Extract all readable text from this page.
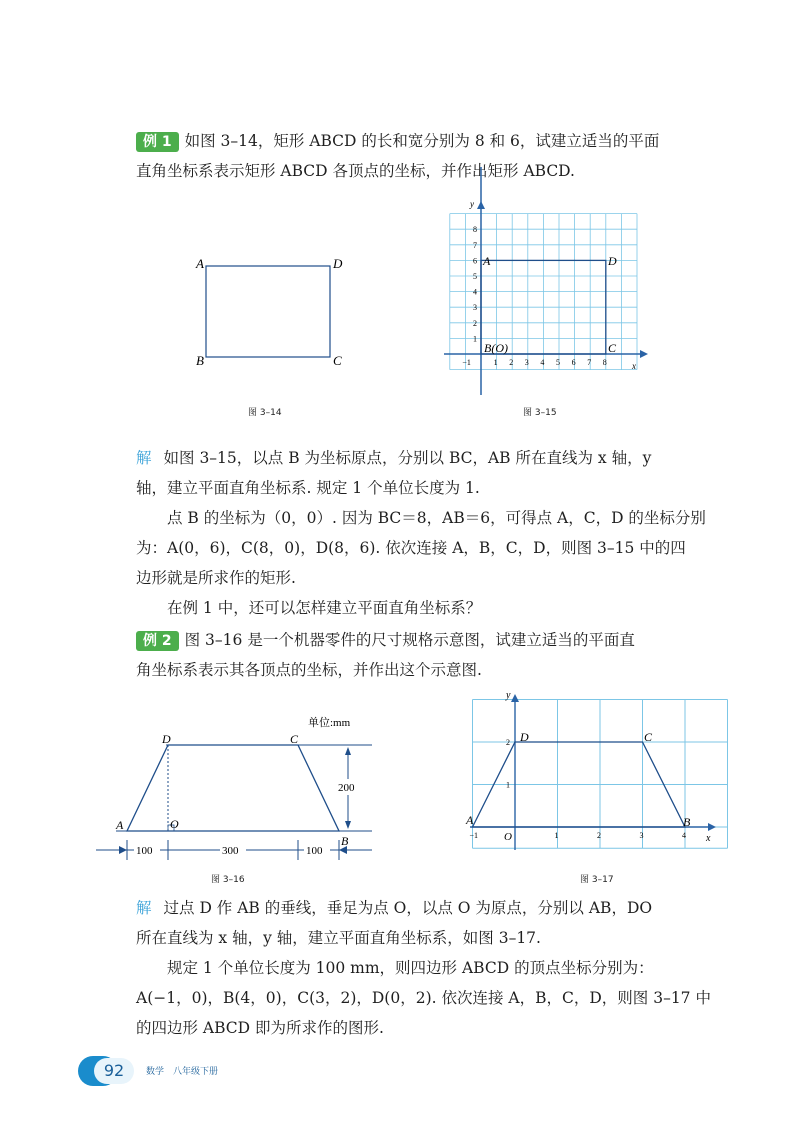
例 1 如图 3–14，矩形 ABCD 的长和宽分别为 8 和 6，试建立适当的平面
直角坐标系表示矩形 ABCD 各顶点的坐标，并作出矩形 ABCD.

A	D
B	C
图 3–14
y
x
−1	1 2 3 4 5 6 7 8
1
2
3
4
5
6
7
8
A	D
B(O)	C
图 3–15
解 如图 3–15，以点 B 为坐标原点，分别以 BC，AB 所在直线为 x 轴，y
轴，建立平面直角坐标系. 规定 1 个单位长度为 1.
点 B 的坐标为（0，0）. 因为 BC＝8，AB＝6，可得点 A，C，D 的坐标分别
为：A(0，6)，C(8，0)，D(8，6). 依次连接 A，B，C，D，则图 3–15 中的四
边形就是所求作的矩形.
在例 1 中，还可以怎样建立平面直角坐标系？

例 2 图 3–16 是一个机器零件的尺寸规格示意图，试建立适当的平面直
角坐标系表示其各顶点的坐标，并作出这个示意图.

单位:mm
200
100	300	100
D	C
A	O
B
图 3–16
y
x
−1	1	2	3	4
1
2
O
A	B
C
D
图 3–17
解 过点 D 作 AB 的垂线，垂足为点 O，以点 O 为原点，分别以 AB，DO
所在直线为 x 轴，y 轴，建立平面直角坐标系，如图 3–17.
规定 1 个单位长度为 100 mm，则四边形 ABCD 的顶点坐标分别为：
A(−1，0)，B(4，0)，C(3，2)，D(0，2). 依次连接 A，B，C，D，则图 3–17 中
的四边形 ABCD 即为所求作的图形.
92	数学　八年级下册
